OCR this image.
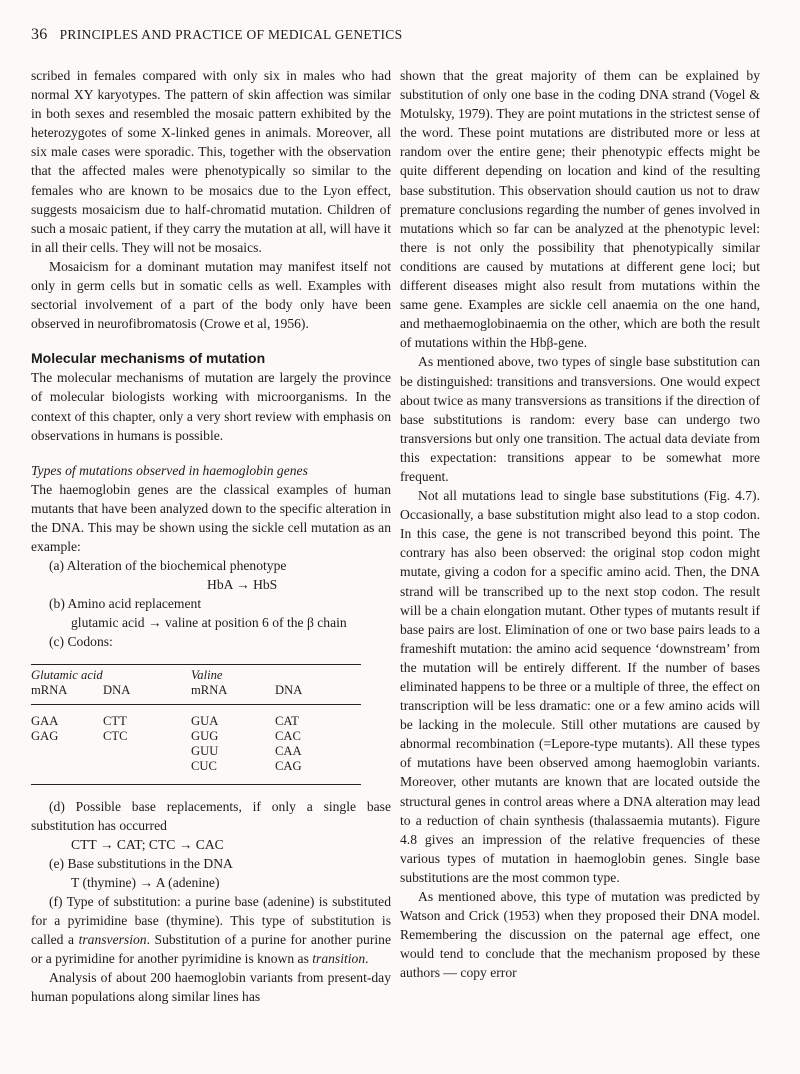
36 PRINCIPLES AND PRACTICE OF MEDICAL GENETICS

scribed in females compared with only six in males who had normal XY karyotypes. The pattern of skin affection was similar in both sexes and resembled the mosaic pattern exhibited by the heterozygotes of some X-linked genes in animals. Moreover, all six male cases were sporadic. This, together with the observation that the affected males were phenotypically so similar to the females who are known to be mosaics due to the Lyon effect, suggests mosaicism due to half-chromatid mutation. Children of such a mosaic patient, if they carry the mutation at all, will have it in all their cells. They will not be mosaics.

Mosaicism for a dominant mutation may manifest itself not only in germ cells but in somatic cells as well. Examples with sectorial involvement of a part of the body only have been observed in neurofibromatosis (Crowe et al, 1956).

Molecular mechanisms of mutation

The molecular mechanisms of mutation are largely the province of molecular biologists working with microorganisms. In the context of this chapter, only a very short review with emphasis on observations in humans is possible.

Types of mutations observed in haemoglobin genes

The haemoglobin genes are the classical examples of human mutants that have been analyzed down to the specific alteration in the DNA. This may be shown using the sickle cell mutation as an example:

(a) Alteration of the biochemical phenotype
HbA → HbS
(b) Amino acid replacement
glutamic acid → valine at position 6 of the β chain
(c) Codons:
Glutamic acid		Valine	
mRNA	DNA	mRNA	DNA
GAA	CTT	GUA	CAT
GAG	CTC	GUG	CAC
		GUU	CAA
		CUC	CAG

(d) Possible base replacements, if only a single base substitution has occurred

CTT → CAT; CTC → CAC
(e) Base substitutions in the DNA
T (thymine) → A (adenine)

(f) Type of substitution: a purine base (adenine) is substituted for a pyrimidine base (thymine). This type of substitution is called a transversion. Substitution of a purine for another purine or a pyrimidine for another pyrimidine is known as transition.

Analysis of about 200 haemoglobin variants from present-day human populations along similar lines has

shown that the great majority of them can be explained by substitution of only one base in the coding DNA strand (Vogel & Motulsky, 1979). They are point mutations in the strictest sense of the word. These point mutations are distributed more or less at random over the entire gene; their phenotypic effects might be quite different depending on location and kind of the resulting base substitution. This observation should caution us not to draw premature conclusions regarding the number of genes involved in mutations which so far can be analyzed at the phenotypic level: there is not only the possibility that phenotypically similar conditions are caused by mutations at different gene loci; but different diseases might also result from mutations within the same gene. Examples are sickle cell anaemia on the one hand, and methaemoglobinaemia on the other, which are both the result of mutations within the Hbβ-gene.

As mentioned above, two types of single base substitution can be distinguished: transitions and transversions. One would expect about twice as many transversions as transitions if the direction of base substitutions is random: every base can undergo two transversions but only one transition. The actual data deviate from this expectation: transitions appear to be somewhat more frequent.

Not all mutations lead to single base substitutions (Fig. 4.7). Occasionally, a base substitution might also lead to a stop codon. In this case, the gene is not transcribed beyond this point. The contrary has also been observed: the original stop codon might mutate, giving a codon for a specific amino acid. Then, the DNA strand will be transcribed up to the next stop codon. The result will be a chain elongation mutant. Other types of mutants result if base pairs are lost. Elimination of one or two base pairs leads to a frameshift mutation: the amino acid sequence ‘downstream’ from the mutation will be entirely different. If the number of bases eliminated happens to be three or a multiple of three, the effect on transcription will be less dramatic: one or a few amino acids will be lacking in the molecule. Still other mutations are caused by abnormal recombination (=Lepore-type mutants). All these types of mutations have been observed among haemoglobin variants. Moreover, other mutants are known that are located outside the structural genes in control areas where a DNA alteration may lead to a reduction of chain synthesis (thalassaemia mutants). Figure 4.8 gives an impression of the relative frequencies of these various types of mutation in haemoglobin genes. Single base substitutions are the most common type.

As mentioned above, this type of mutation was predicted by Watson and Crick (1953) when they proposed their DNA model. Remembering the discussion on the paternal age effect, one would tend to conclude that the mechanism proposed by these authors — copy error
